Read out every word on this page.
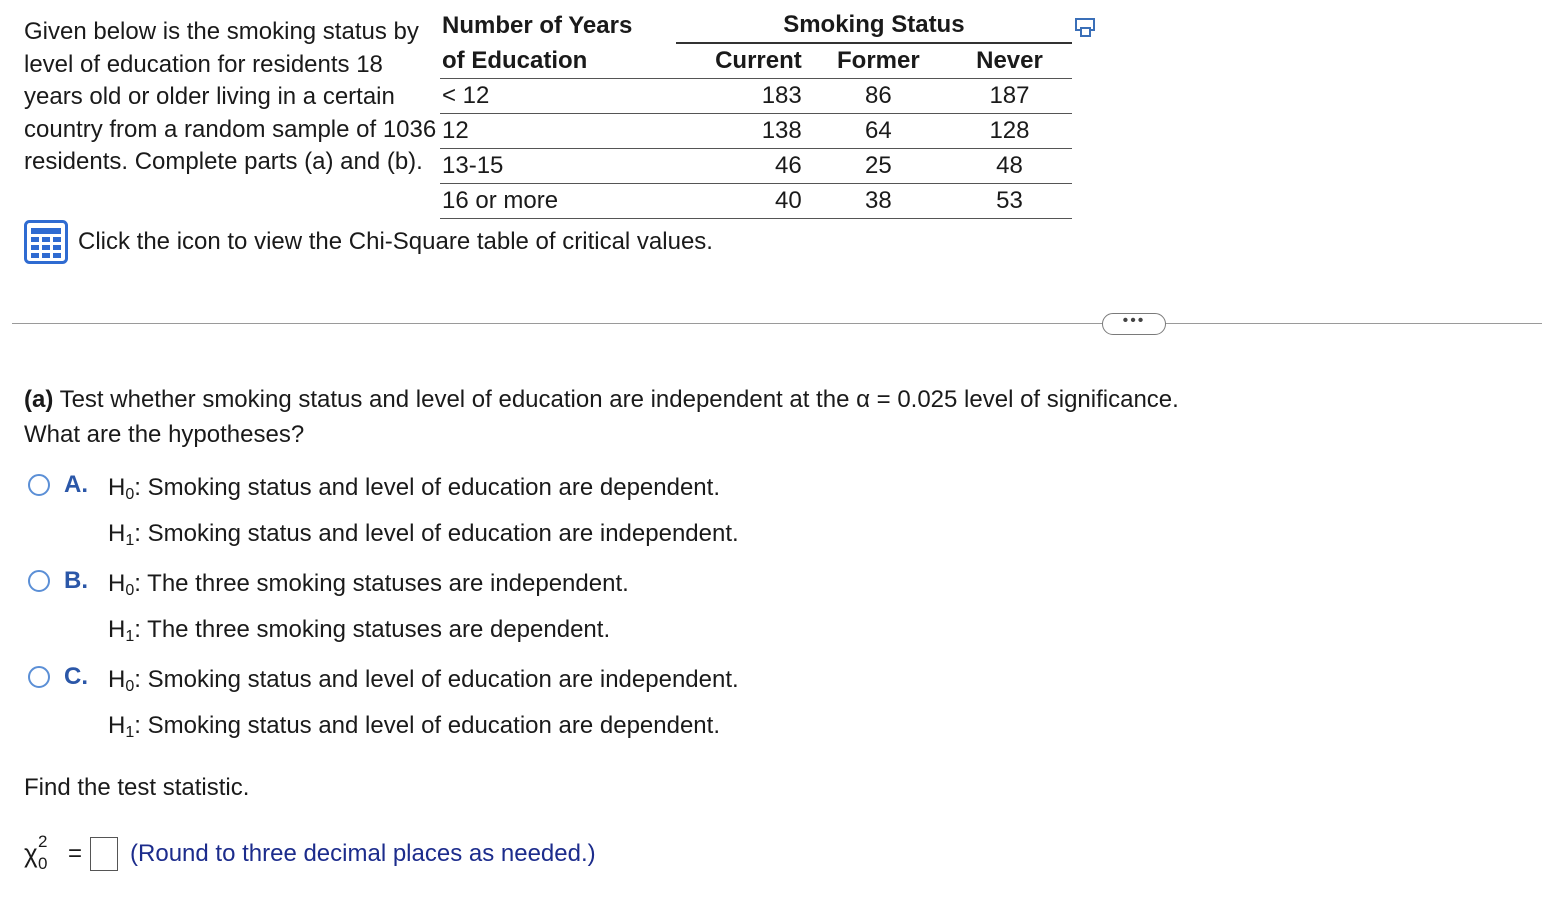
Given below is the smoking status by level of education for residents 18 years old or older living in a certain country from a random sample of 1036 residents. Complete parts (a) and (b).
Number of Years	Smoking Status		
of Education	Current	Former	Never
< 12	183	86	187
12	138	64	128
13-15	46	25	48
16 or more	40	38	53
Click the icon to view the Chi-Square table of critical values.
•••
(a) Test whether smoking status and level of education are independent at the α = 0.025 level of significance.
What are the hypotheses?
A. $H_0$: Smoking status and level of education are dependent.
$H_1$: Smoking status and level of education are independent.
B. $H_0$: The three smoking statuses are independent.
$H_1$: The three smoking statuses are dependent.
C. $H_0$: Smoking status and level of education are independent.
$H_1$: Smoking status and level of education are dependent.
Find the test statistic.
χ 2
0 = (Round to three decimal places as needed.)
